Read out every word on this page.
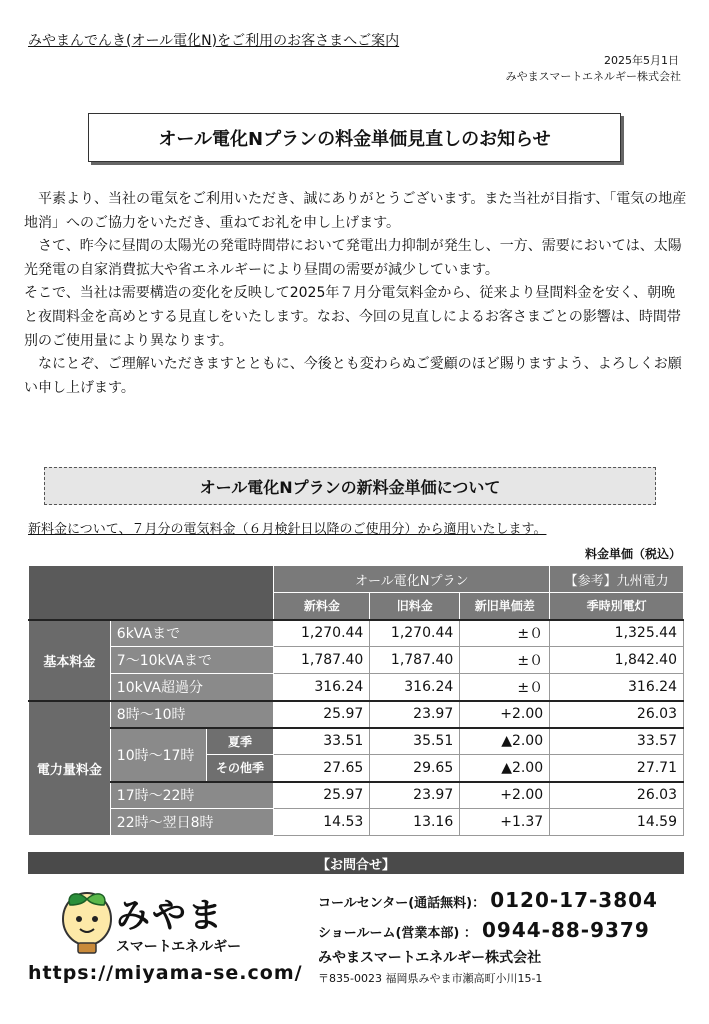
みやまんでんき(オール電化N)をご利用のお客さまへご案内
2025年5月1日
みやまスマートエネルギー株式会社
オール電化Nプランの料金単価見直しのお知らせ

　平素より、当社の電気をご利用いただき、誠にありがとうございます。また当社が目指す、「電気の地産地消」へのご協力をいただき、重ねてお礼を申し上げます。

　さて、昨今に昼間の太陽光の発電時間帯において発電出力抑制が発生し、一方、需要においては、太陽光発電の自家消費拡大や省エネルギーにより昼間の需要が減少しています。

そこで、当社は需要構造の変化を反映して2025年７月分電気料金から、従来より昼間料金を安く、朝晩と夜間料金を高めとする見直しをいたします。なお、今回の見直しによるお客さまごとの影響は、時間帯別のご使用量により異なります。

　なにとぞ、ご理解いただきますとともに、今後とも変わらぬご愛顧のほど賜りますよう、よろしくお願い申し上げます。

オール電化Nプランの新料金単価について
新料金について、７月分の電気料金（６月検針日以降のご使用分）から適用いたします。
料金単価（税込）
			オール電化Nプラン			【参考】九州電力
			新料金	旧料金	新旧単価差	季時別電灯
基本料金	6kVAまで		1,270.44	1,270.44	±０	1,325.44
	7～10kVAまで		1,787.40	1,787.40	±０	1,842.40
	10kVA超過分		316.24	316.24	±０	316.24
電力量料金	8時～10時		25.97	23.97	+2.00	26.03
	10時～17時	夏季	33.51	35.51	▲2.00	33.57
		その他季	27.65	29.65	▲2.00	27.71
	17時～22時		25.97	23.97	+2.00	26.03
	22時～翌日8時		14.53	13.16	+1.37	14.59
【お問合せ】
みやま
スマートエネルギー
https://miyama-se.com/
コールセンター(通話無料)： 0120-17-3804
ショールーム(営業本部) ： 0944-88-9379
みやまスマートエネルギー株式会社
〒835-0023 福岡県みやま市瀬高町小川15-1
